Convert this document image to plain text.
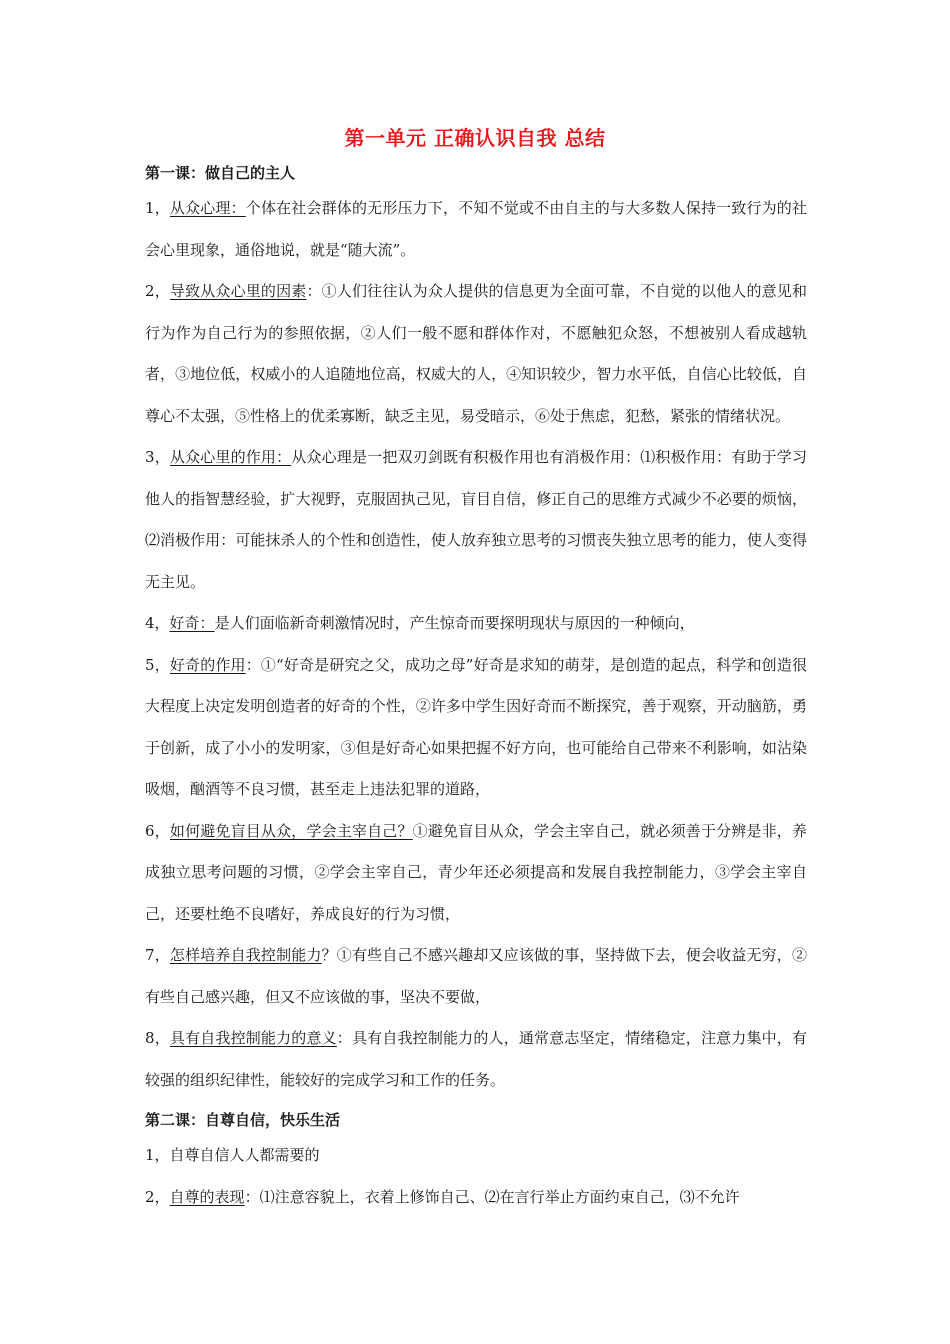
第一单元 正确认识自我 总结

第一课：做自己的主人

1，从众心理：个体在社会群体的无形压力下，不知不觉或不由自主的与大多数人保持一致行为的社会心里现象，通俗地说，就是“随大流”。

2，导致从众心里的因素：①人们往往认为众人提供的信息更为全面可靠，不自觉的以他人的意见和行为作为自己行为的参照依据，②人们一般不愿和群体作对，不愿触犯众怒，不想被别人看成越轨者，③地位低，权威小的人追随地位高，权威大的人，④知识较少，智力水平低，自信心比较低，自尊心不太强，⑤性格上的优柔寡断，缺乏主见，易受暗示，⑥处于焦虑，犯愁，紧张的情绪状况。

3，从众心里的作用：从众心理是一把双刃剑既有积极作用也有消极作用：⑴积极作用：有助于学习他人的指智慧经验，扩大视野，克服固执己见，盲目自信，修正自己的思维方式减少不必要的烦恼，⑵消极作用：可能抹杀人的个性和创造性，使人放弃独立思考的习惯丧失独立思考的能力，使人变得无主见。

4，好奇：是人们面临新奇刺激情况时，产生惊奇而要探明现状与原因的一种倾向，

5，好奇的作用：①“好奇是研究之父，成功之母”好奇是求知的萌芽，是创造的起点，科学和创造很大程度上决定发明创造者的好奇的个性，②许多中学生因好奇而不断探究，善于观察，开动脑筋，勇于创新，成了小小的发明家，③但是好奇心如果把握不好方向，也可能给自己带来不利影响，如沾染吸烟，酗酒等不良习惯，甚至走上违法犯罪的道路，

6，如何避免盲目从众，学会主宰自己？①避免盲目从众，学会主宰自己，就必须善于分辨是非，养成独立思考问题的习惯，②学会主宰自己，青少年还必须提高和发展自我控制能力，③学会主宰自己，还要杜绝不良嗜好，养成良好的行为习惯，

7，怎样培养自我控制能力？①有些自己不感兴趣却又应该做的事，坚持做下去，便会收益无穷，②有些自己感兴趣，但又不应该做的事，坚决不要做，

8，具有自我控制能力的意义：具有自我控制能力的人，通常意志坚定，情绪稳定，注意力集中，有较强的组织纪律性，能较好的完成学习和工作的任务。

第二课：自尊自信，快乐生活

1，自尊自信人人都需要的

2，自尊的表现：⑴注意容貌上，衣着上修饰自己、⑵在言行举止方面约束自己，⑶不允许
